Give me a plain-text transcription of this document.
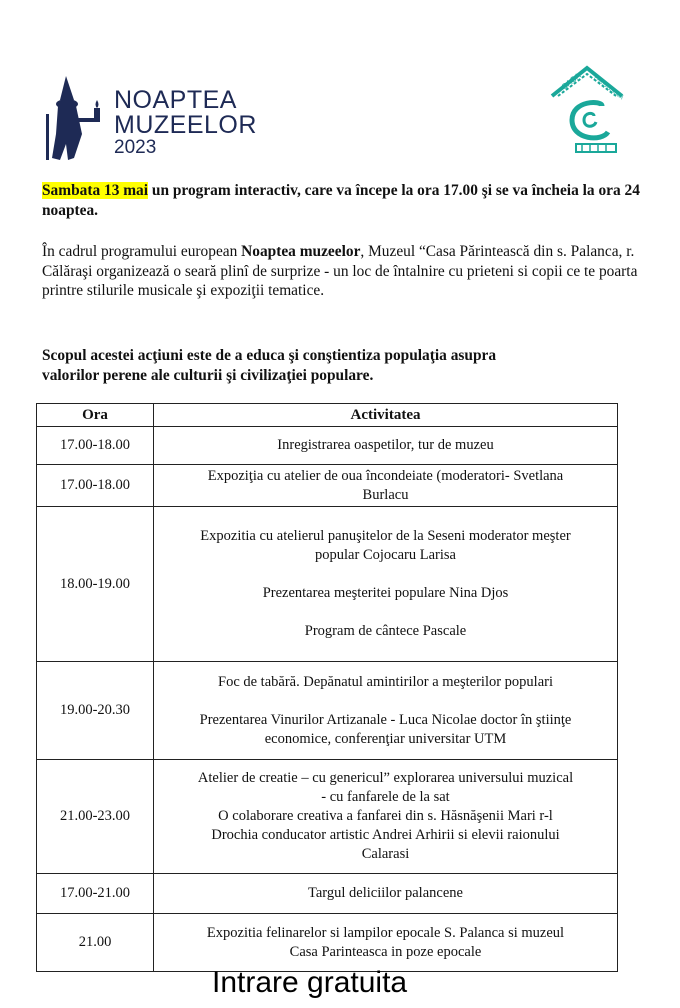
NOAPTEA
MUZEELOR
2023
CASA PĂRINTEASCĂ
Sambata 13 mai un program interactiv, care va începe la ora 17.00 şi se va încheia la ora 24 noaptea.
În cadrul programului european Noaptea muzeelor, Muzeul “Casa Părintească din s. Palanca, r. Călăraşi organizează o seară plinî de surprize - un loc de întalnire cu prieteni si copii ce te poarta printre stilurile musicale şi expoziţii tematice.
Scopul acestei acţiuni este de a educa şi conştientiza populaţia asupra
valorilor perene ale culturii şi civilizaţiei populare.
Ora	Activitatea
17.00-18.00	Inregistrarea oaspetilor, tur de muzeu

17.00-18.00	Expoziţia cu atelier de oua încondeiate (moderatori- Svetlana
Burlacu

18.00-19.00	Expozitia cu atelierul panuşitelor de la Seseni moderator meşter
popular Cojocaru Larisa
Prezentarea meşteritei populare Nina Djos
Program de cântece Pascale

19.00-20.30	Foc de tabără. Depănatul amintirilor a meşterilor populari
Prezentarea Vinurilor Artizanale - Luca Nicolae doctor în ştiinţe
economice, conferenţiar universitar UTM

21.00-23.00	Atelier de creatie – cu genericul” explorarea universului muzical
- cu fanfarele de la sat
O colaborare creativa a fanfarei din s. Hăsnăşenii Mari r-l
Drochia conducator artistic Andrei Arhirii si elevii raionului
Calarasi

17.00-21.00	Targul deliciilor palancene

21.00	Expozitia felinarelor si lampilor epocale S. Palanca si muzeul
Casa Parinteasca in poze epocale
Intrare gratuita
